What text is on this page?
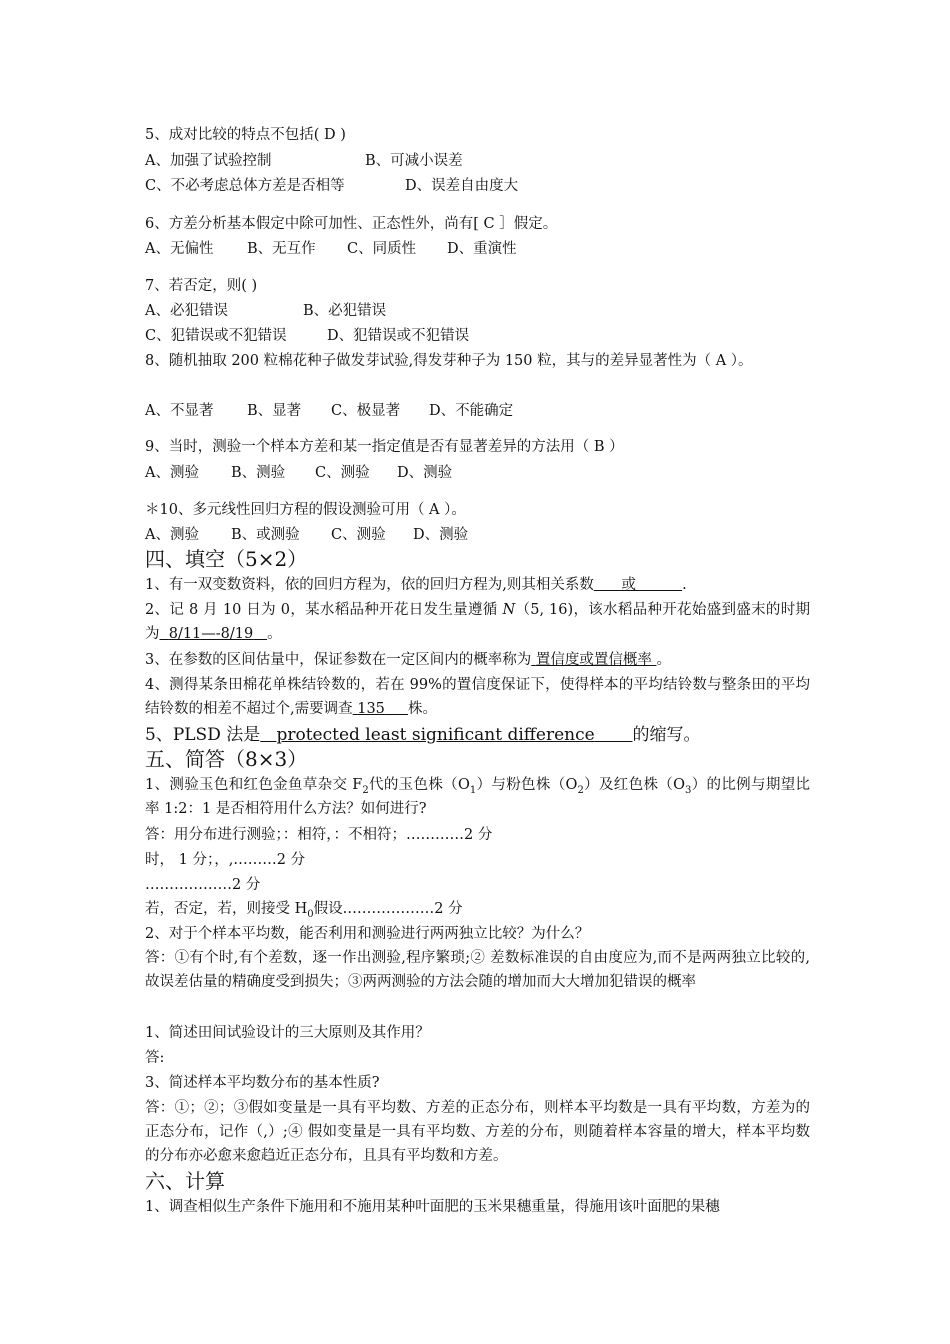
5、成对比较的特点不包括( D )
A、加强了试验控制	B、可减小误差
C、不必考虑总体方差是否相等	D、误差自由度大
6、方差分析基本假定中除可加性、正态性外，尚有[ C ］假定。
A、无偏性 B、无互作 C、同质性 D、重演性
7、若否定，则( )
A、必犯错误	B、必犯错误
C、犯错误或不犯错误	D、犯错误或不犯错误
8、随机抽取 200 粒棉花种子做发芽试验,得发芽种子为 150 粒，其与的差异显著性为（ A ）。
A、不显著 B、显著 C、极显著 D、不能确定
9、当时，测验一个样本方差和某一指定值是否有显著差异的方法用（ B ）
A、测验 B、测验 C、测验 D、测验
＊10、多元线性回归方程的假设测验可用（ A ）。
A、测验 B、或测验 C、测验 D、测验
四、填空（5×2）
1、有一双变数资料，依的回归方程为，依的回归方程为,则其相关系数 或	.
2、记 8 月 10 日为 0，某水稻品种开花日发生量遵循 N（5, 16)，该水稻品种开花始盛到盛末的时期为 8/11—-8/19 。
3、在参数的区间估量中，保证参数在一定区间内的概率称为 置信度或置信概率 。
4、测得某条田棉花单株结铃数的，若在 99%的置信度保证下，使得样本的平均结铃数与整条田的平均结铃数的相差不超过个,需要调查 135 株。
5、PLSD 法是 protected least significant difference 的缩写。
五、简答（8×3）
1、测验玉色和红色金鱼草杂交 $F_2$代的玉色株$(O_1)$与粉色株$(O_2)$及红色株$(O_3)$的比例与期望比率 1:2：1 是否相符用什么方法？如何进行?
答：用分布进行测验；：相符，：不相符；…………2 分
时， 1 分；，,………2 分
………………2 分
若，否定，若，则接受 $H_0$假设.………………2 分
2、对于个样本平均数，能否利用和测验进行两两独立比较？为什么？
答：①有个时,有个差数，逐一作出测验,程序繁琐;② 差数标准误的自由度应为,而不是两两独立比较的,故误差估量的精确度受到损失；③两两测验的方法会随的增加而大大增加犯错误的概率
1、简述田间试验设计的三大原则及其作用？
答:
3、简述样本平均数分布的基本性质?
答：①；②；③假如变量是一具有平均数、方差的正态分布，则样本平均数是一具有平均数，方差为的正态分布，记作（,）;④ 假如变量是一具有平均数、方差的分布，则随着样本容量的增大，样本平均数的分布亦必愈来愈趋近正态分布，且具有平均数和方差。
六、计算
1、调查相似生产条件下施用和不施用某种叶面肥的玉米果穗重量，得施用该叶面肥的果穗
